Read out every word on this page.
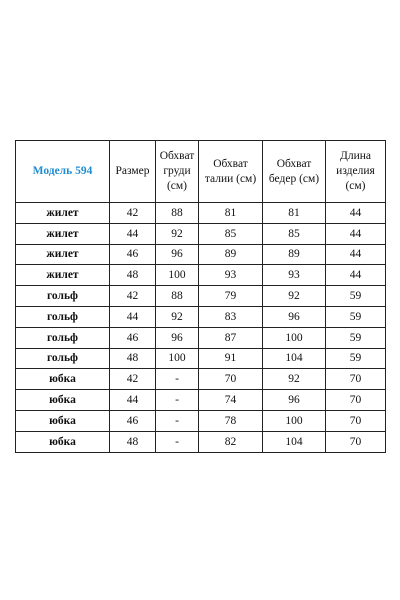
Модель 594	Размер	Обхват груди (см)	Обхват талии (см)	Обхват бедер (см)	Длина изделия (см)
жилет	42	88	81	81	44
жилет	44	92	85	85	44
жилет	46	96	89	89	44
жилет	48	100	93	93	44
гольф	42	88	79	92	59
гольф	44	92	83	96	59
гольф	46	96	87	100	59
гольф	48	100	91	104	59
юбка	42	-	70	92	70
юбка	44	-	74	96	70
юбка	46	-	78	100	70
юбка	48	-	82	104	70
